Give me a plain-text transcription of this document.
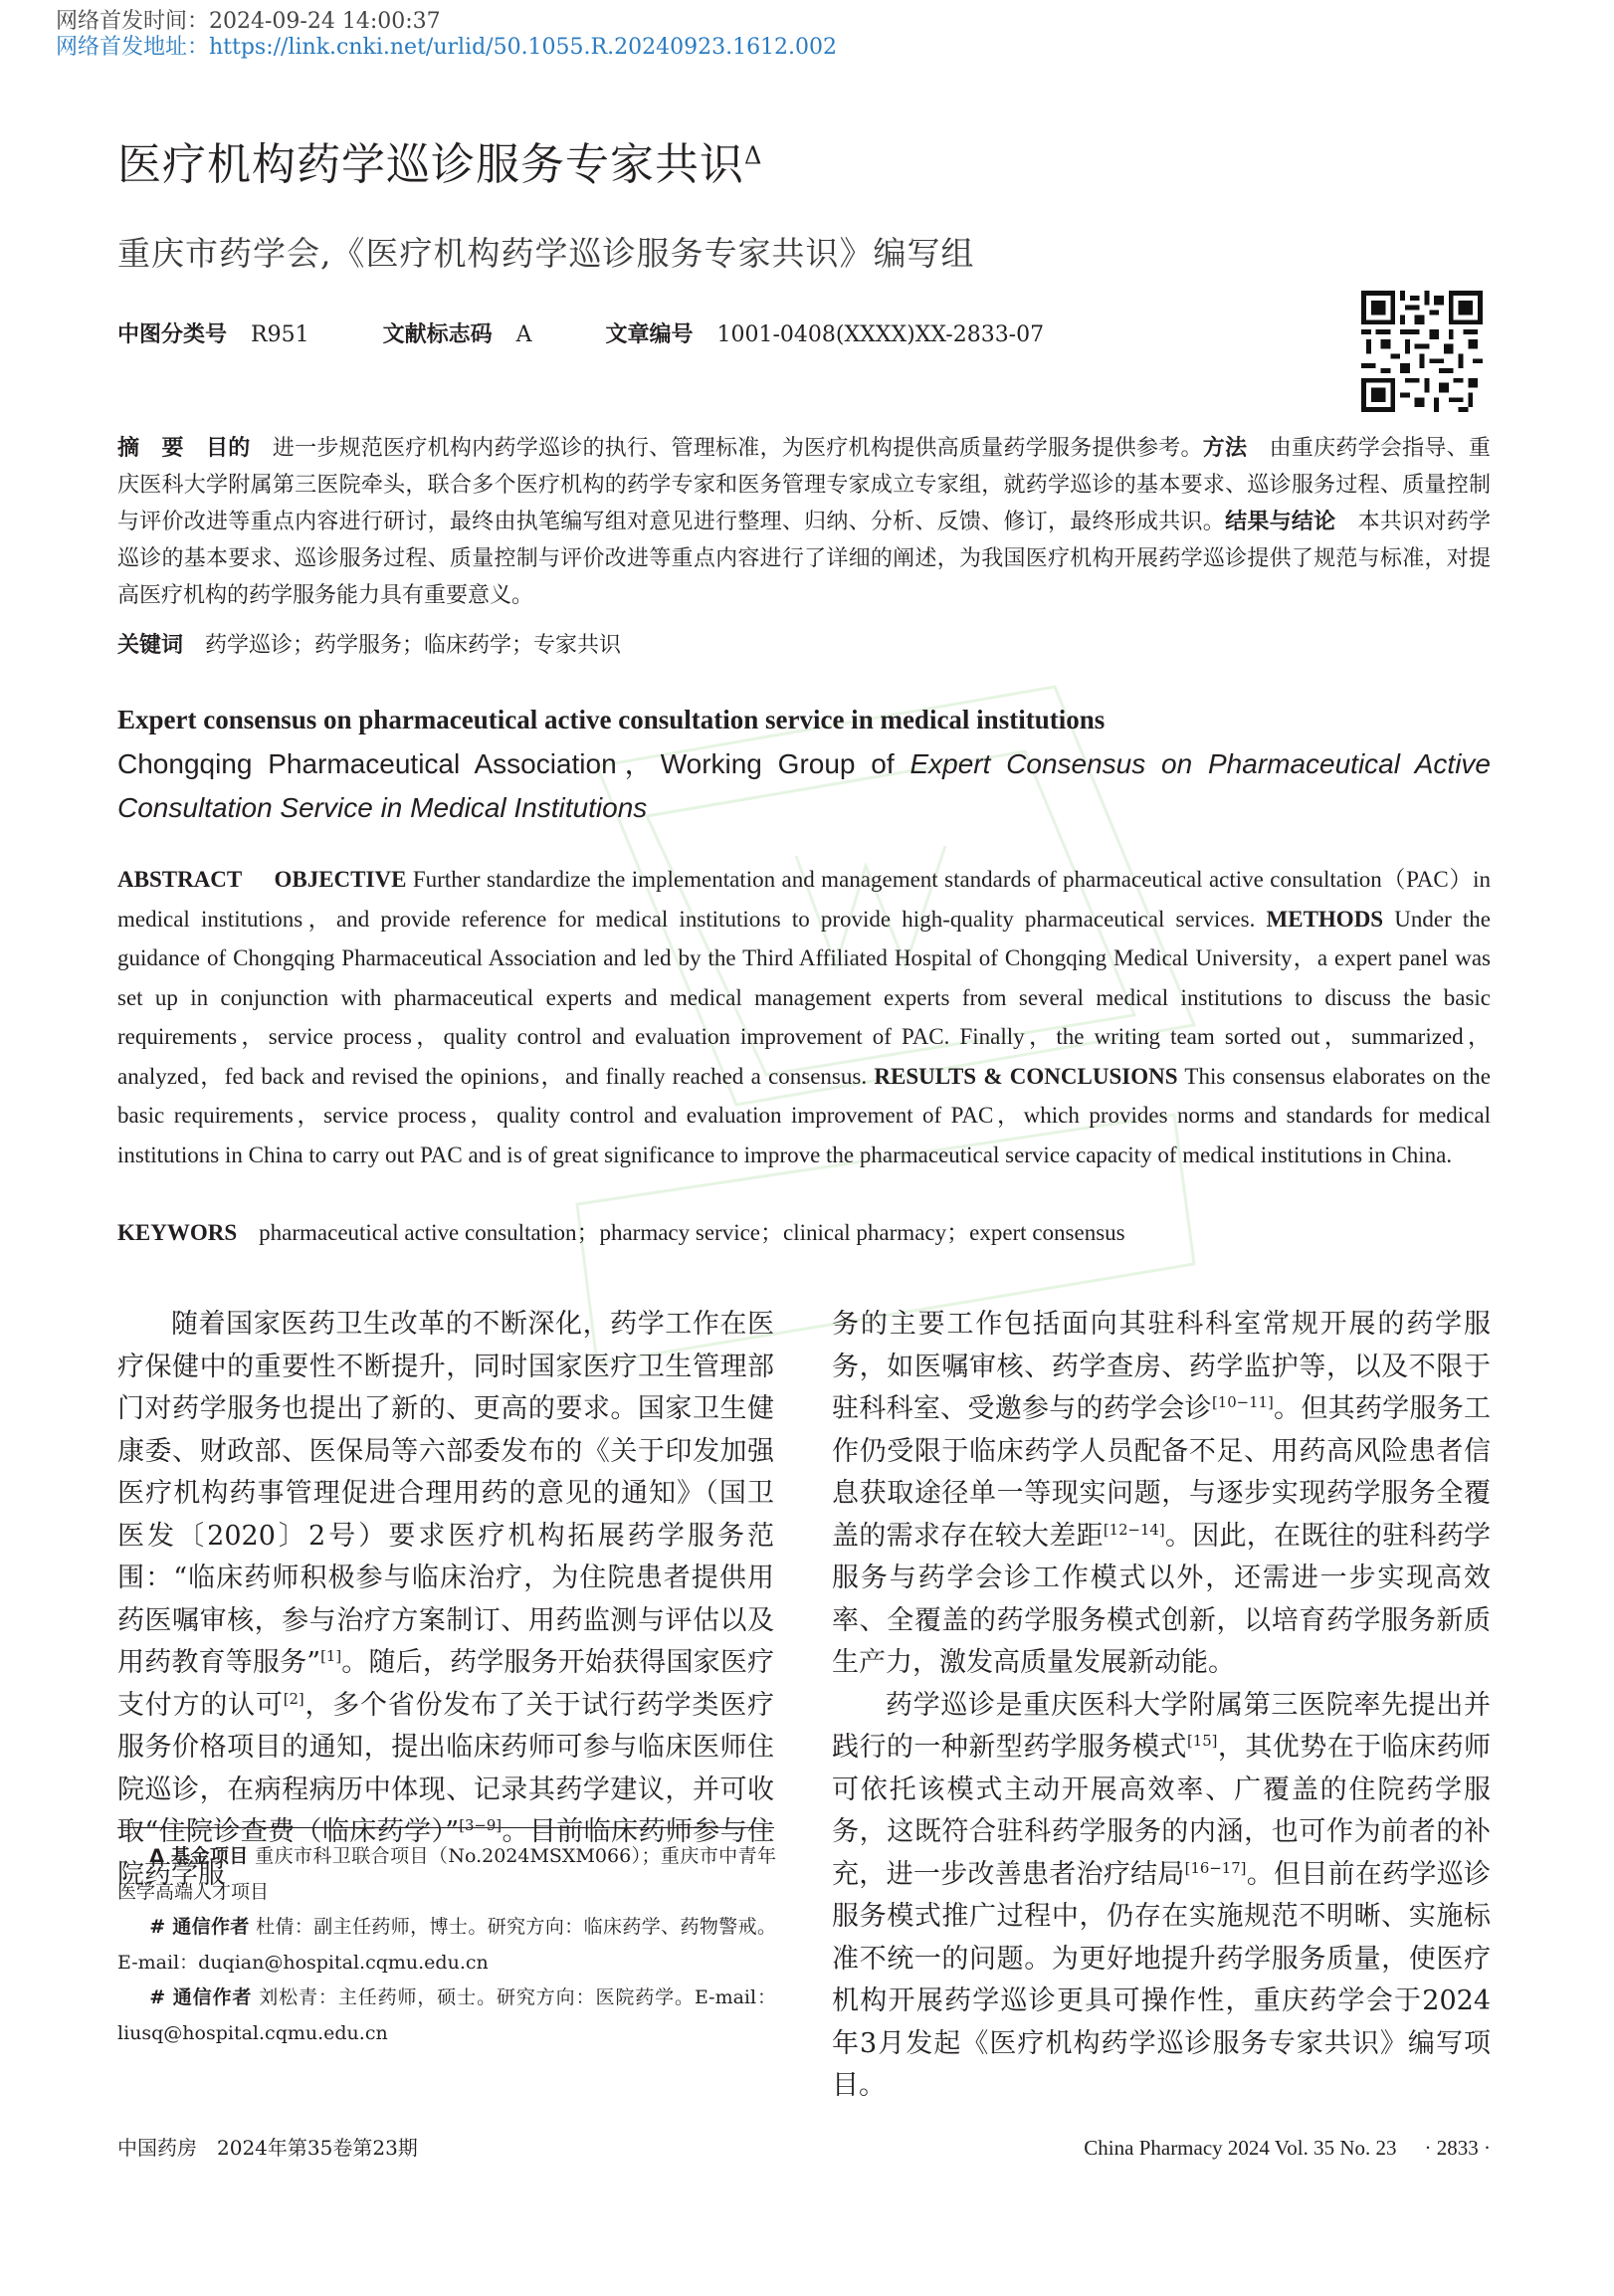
网络首发时间：2024-09-24 14:00:37
网络首发地址：https://link.cnki.net/urlid/50.1055.R.20240923.1612.002
医疗机构药学巡诊服务专家共识$^\Delta$
重庆市药学会,《医疗机构药学巡诊服务专家共识》编写组
中图分类号 R951	文献标志码 A	文章编号 1001-0408(XXXX)XX-2833-07
摘　要　 目的　 进一步规范医疗机构内药学巡诊的执行、管理标准，为医疗机构提供高质量药学服务提供参考。方法　 由重庆药学会指导、重庆医科大学附属第三医院牵头，联合多个医疗机构的药学专家和医务管理专家成立专家组，就药学巡诊的基本要求、巡诊服务过程、质量控制与评价改进等重点内容进行研讨，最终由执笔编写组对意见进行整理、归纳、分析、反馈、修订，最终形成共识。结果与结论　 本共识对药学巡诊的基本要求、巡诊服务过程、质量控制与评价改进等重点内容进行了详细的阐述，为我国医疗机构开展药学巡诊提供了规范与标准，对提高医疗机构的药学服务能力具有重要意义。
关键词 药学巡诊；药学服务；临床药学；专家共识
Expert consensus on pharmaceutical active consultation service in medical institutions
Chongqing Pharmaceutical Association，Working Group of Expert Consensus on Pharmaceutical Active Consultation Service in Medical Institutions
ABSTRACT OBJECTIVE Further standardize the implementation and management standards of pharmaceutical active consultation（PAC）in medical institutions，and provide reference for medical institutions to provide high-quality pharmaceutical services. METHODS Under the guidance of Chongqing Pharmaceutical Association and led by the Third Affiliated Hospital of Chongqing Medical University，a expert panel was set up in conjunction with pharmaceutical experts and medical management experts from several medical institutions to discuss the basic requirements，service process，quality control and evaluation improvement of PAC. Finally，the writing team sorted out，summarized，analyzed，fed back and revised the opinions，and finally reached a consensus. RESULTS & CONCLUSIONS This consensus elaborates on the basic requirements，service process，quality control and evaluation improvement of PAC，which provides norms and standards for medical institutions in China to carry out PAC and is of great significance to improve the pharmaceutical service capacity of medical institutions in China.
KEYWORS pharmaceutical active consultation；pharmacy service；clinical pharmacy；expert consensus

随着国家医药卫生改革的不断深化，药学工作在医疗保健中的重要性不断提升，同时国家医疗卫生管理部门对药学服务也提出了新的、更高的要求。国家卫生健康委、财政部、医保局等六部委发布的《关于印发加强医疗机构药事管理促进合理用药的意见的通知》（国卫医发〔2020〕2号）要求医疗机构拓展药学服务范围：“临床药师积极参与临床治疗，为住院患者提供用药医嘱审核，参与治疗方案制订、用药监测与评估以及用药教育等服务”[1]。随后，药学服务开始获得国家医疗支付方的认可[2]，多个省份发布了关于试行药学类医疗服务价格项目的通知，提出临床药师可参与临床医师住院巡诊，在病程病历中体现、记录其药学建议，并可收取“住院诊查费（临床药学）”[3−9]。目前临床药师参与住院药学服

务的主要工作包括面向其驻科科室常规开展的药学服务，如医嘱审核、药学查房、药学监护等，以及不限于驻科科室、受邀参与的药学会诊[10−11]。但其药学服务工作仍受限于临床药学人员配备不足、用药高风险患者信息获取途径单一等现实问题，与逐步实现药学服务全覆盖的需求存在较大差距[12−14]。因此，在既往的驻科药学服务与药学会诊工作模式以外，还需进一步实现高效率、全覆盖的药学服务模式创新，以培育药学服务新质生产力，激发高质量发展新动能。

药学巡诊是重庆医科大学附属第三医院率先提出并践行的一种新型药学服务模式[15]，其优势在于临床药师可依托该模式主动开展高效率、广覆盖的住院药学服务，这既符合驻科药学服务的内涵，也可作为前者的补充，进一步改善患者治疗结局[16−17]。但目前在药学巡诊服务模式推广过程中，仍存在实施规范不明晰、实施标准不统一的问题。为更好地提升药学服务质量，使医疗机构开展药学巡诊更具可操作性，重庆药学会于2024年3月发起《医疗机构药学巡诊服务专家共识》编写项目。

Δ 基金项目 重庆市科卫联合项目（No.2024MSXM066）；重庆市中青年医学高端人才项目

# 通信作者 杜倩：副主任药师，博士。研究方向：临床药学、药物警戒。E-mail：duqian@hospital.cqmu.edu.cn

# 通信作者 刘松青：主任药师，硕士。研究方向：医院药学。E-mail：liusq@hospital.cqmu.edu.cn

中国药房　2024年第35卷第23期	China Pharmacy 2024 Vol. 35 No. 23 · 2833 ·
